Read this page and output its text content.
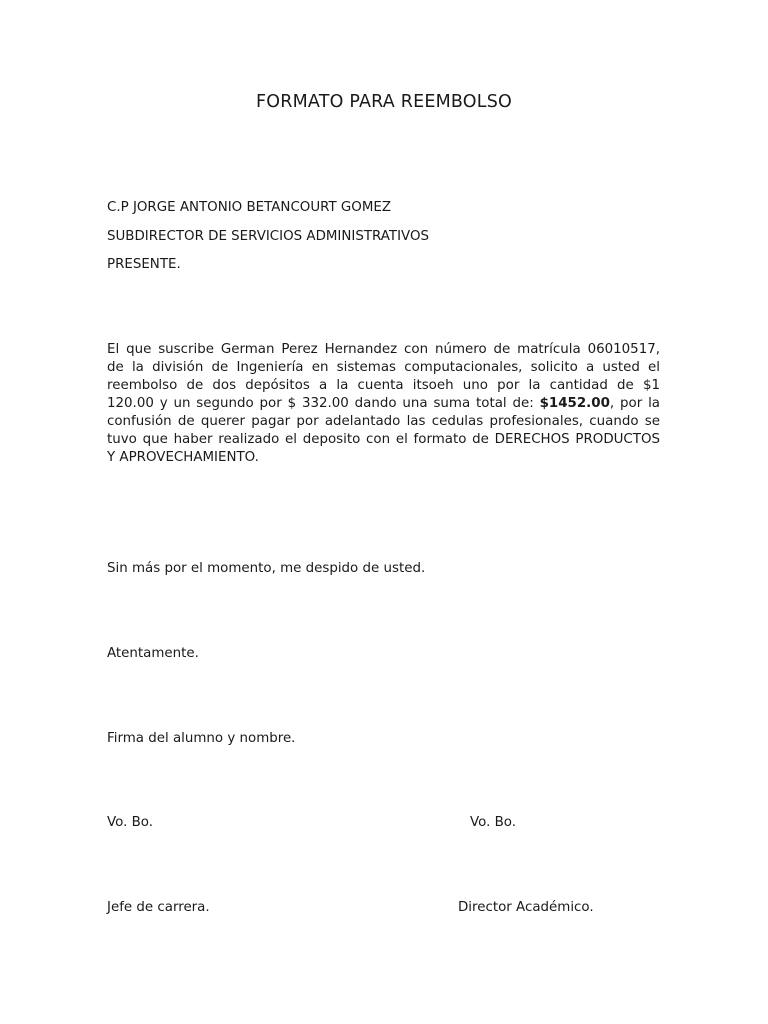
FORMATO PARA REEMBOLSO
C.P JORGE ANTONIO BETANCOURT GOMEZ
SUBDIRECTOR DE SERVICIOS ADMINISTRATIVOS
PRESENTE.
El que suscribe German Perez Hernandez con número de matrícula 06010517,
de la división de Ingeniería en sistemas computacionales, solicito a usted el
reembolso de dos depósitos a la cuenta itsoeh uno por la cantidad de $1
120.00 y un segundo por $ 332.00 dando una suma total de: $1452.00, por la
confusión de querer pagar por adelantado las cedulas profesionales, cuando se
tuvo que haber realizado el deposito con el formato de DERECHOS PRODUCTOS
Y APROVECHAMIENTO.
Sin más por el momento, me despido de usted.
Atentamente.
Firma del alumno y nombre.
Vo. Bo.	Vo. Bo.
Jefe de carrera.	Director Académico.
